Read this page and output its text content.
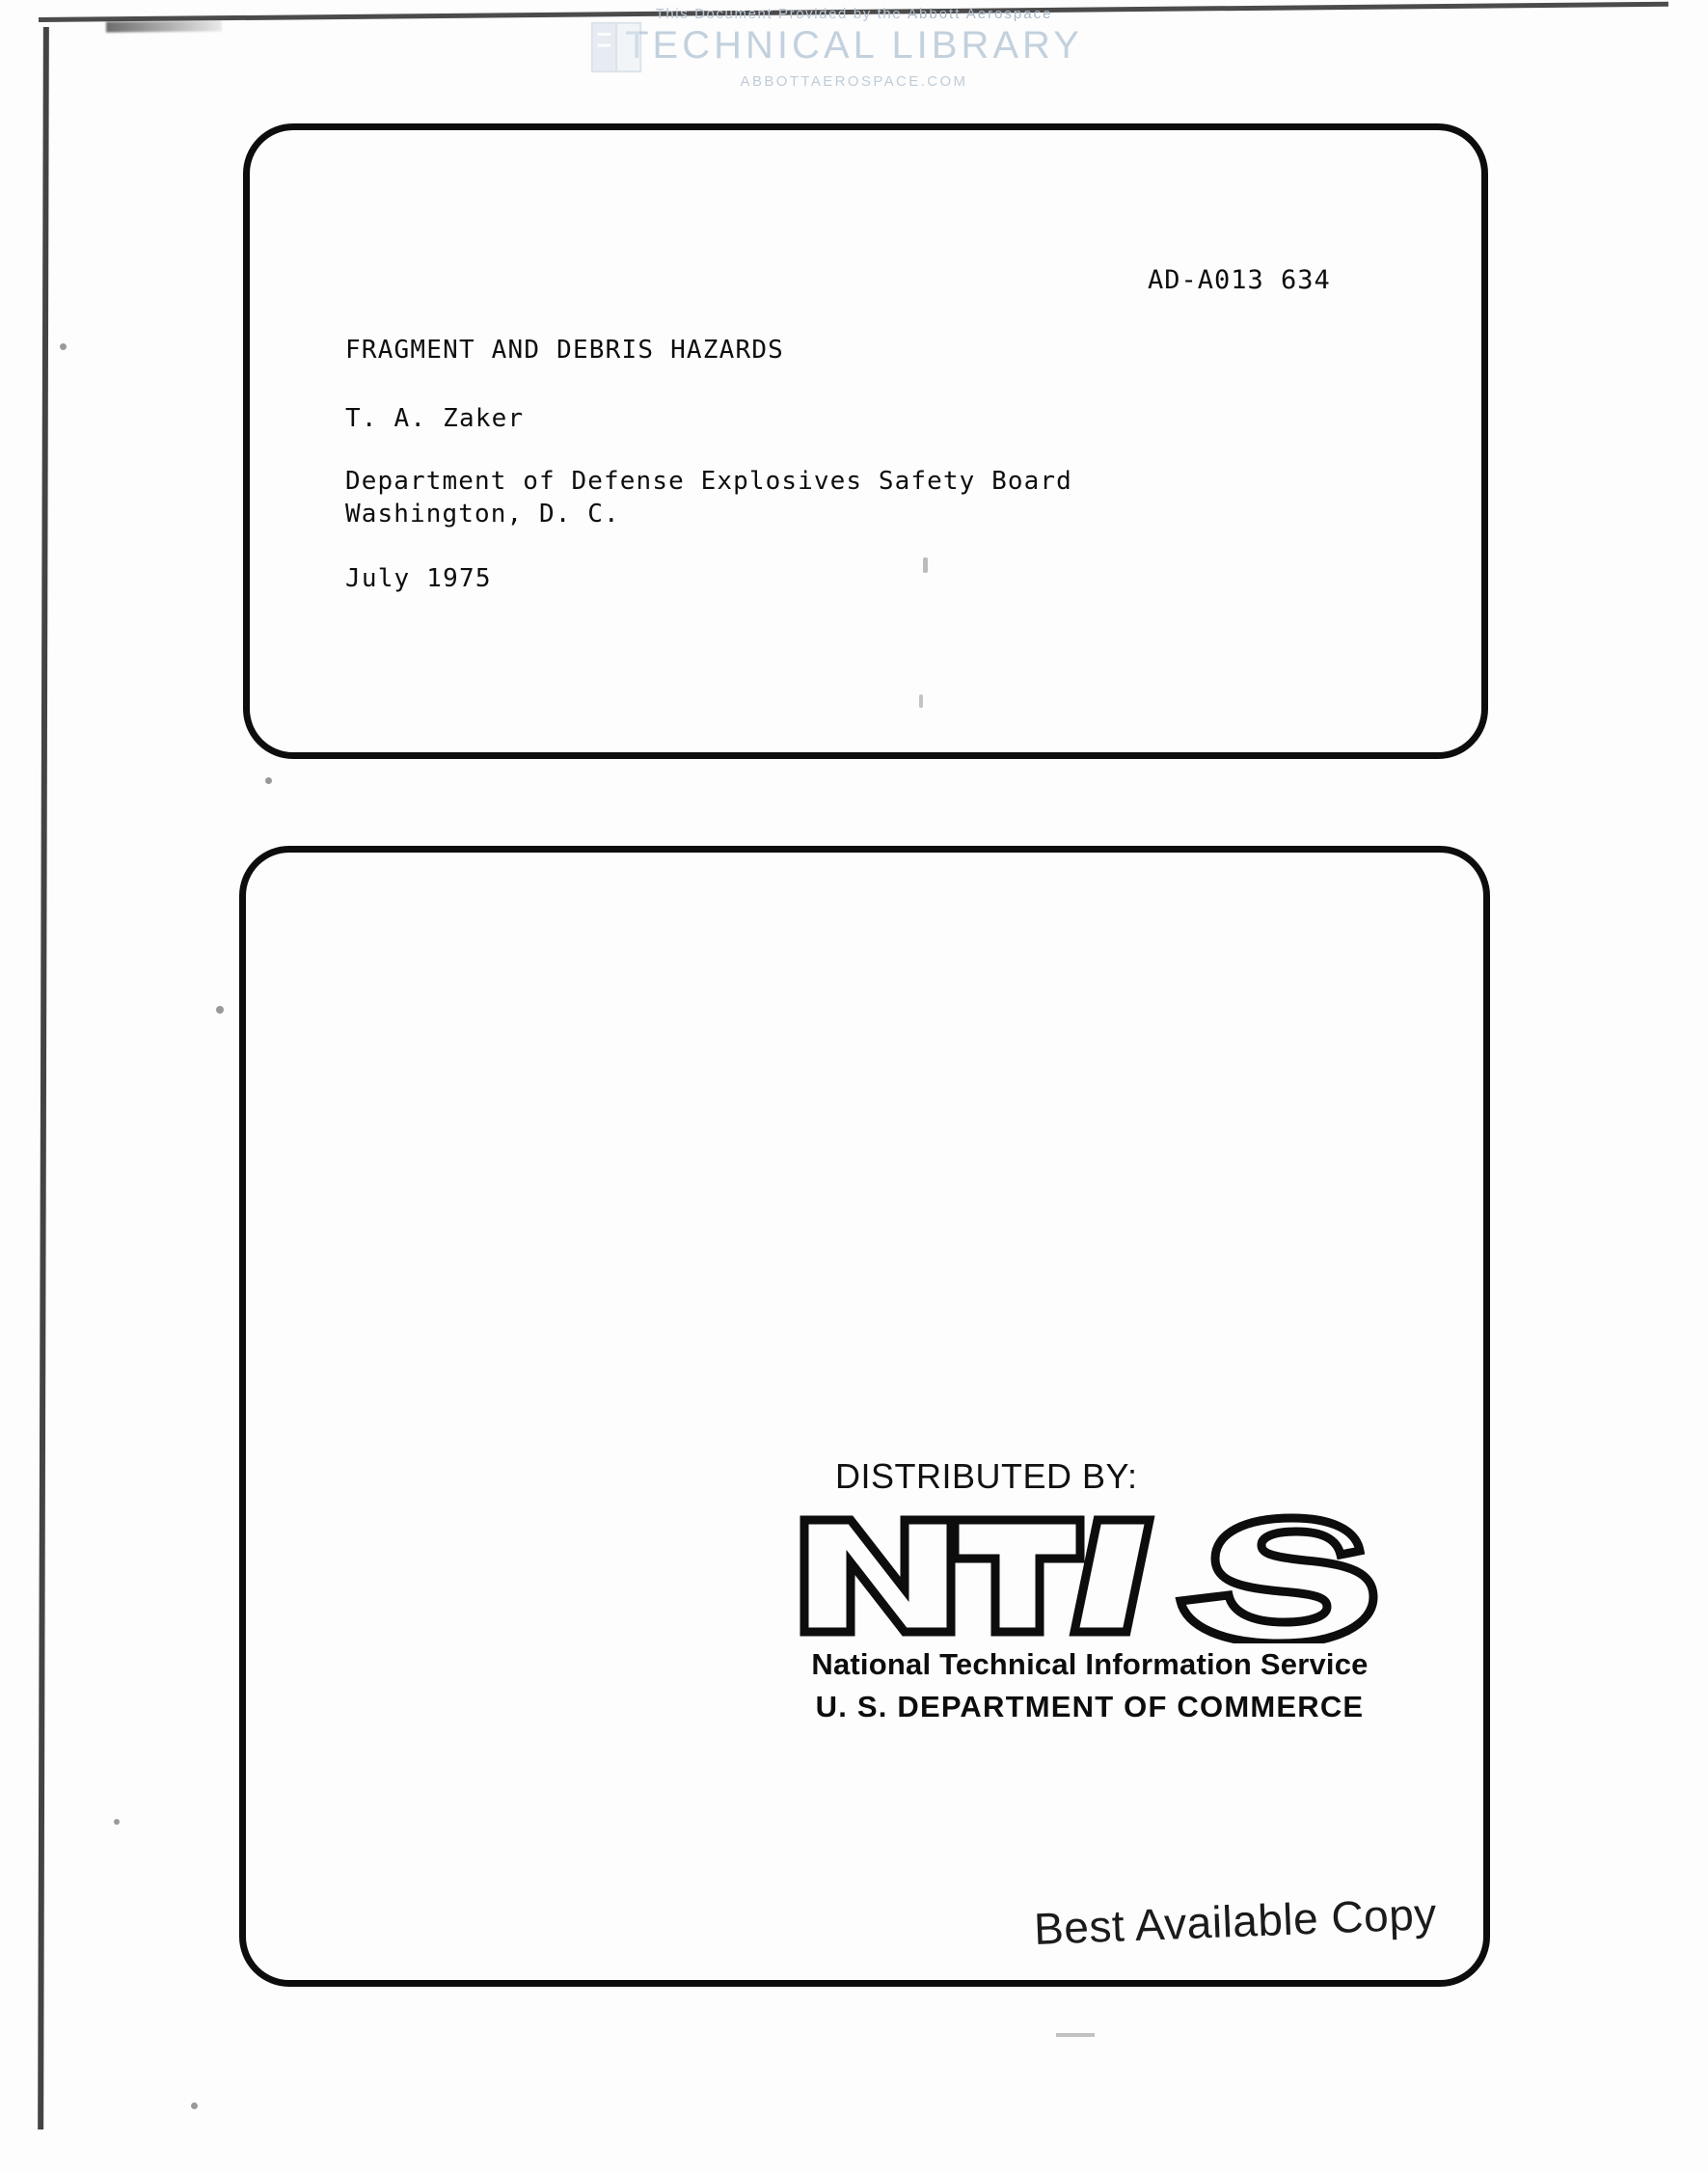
This Document Provided by the Abbott Aerospace
TECHNICAL LIBRARY
ABBOTTAEROSPACE.COM
AD-A013 634
FRAGMENT AND DEBRIS HAZARDS
T. A. Zaker
Department of Defense Explosives Safety Board
Washington, D. C.
July 1975
DISTRIBUTED BY:
National Technical Information Service
U. S. DEPARTMENT OF COMMERCE
Best Available Copy
